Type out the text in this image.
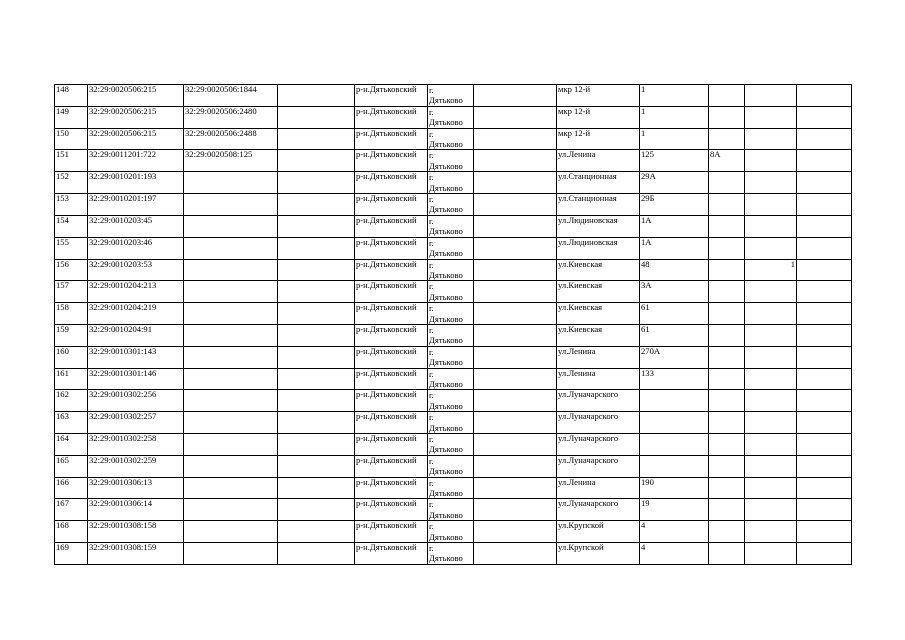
148	32:29:0020506:215	32:29:0020506:1844		р-н.Дятьковский	г.
Дятьково		мкр 12-й	1			
149	32:29:0020506:215	32:29:0020506:2480		р-н.Дятьковский	г.
Дятьково		мкр 12-й	1			
150	32:29:0020506:215	32:29:0020506:2488		р-н.Дятьковский	г.
Дятьково		мкр 12-й	1			
151	32:29:0011201:722	32:29:0020508:125		р-н.Дятьковский	г.
Дятьково		ул.Ленина	125	8А		
152	32:29:0010201:193			р-н.Дятьковский	г.
Дятьково		ул.Станционная	29А			
153	32:29:0010201:197			р-н.Дятьковский	г.
Дятьково		ул.Станционная	29Б			
154	32:29:0010203:45			р-н.Дятьковский	г.
Дятьково		ул.Людиновская	1А			
155	32:29:0010203:46			р-н.Дятьковский	г.
Дятьково		ул.Людиновская	1А			
156	32:29:0010203:53			р-н.Дятьковский	г.
Дятьково		ул.Киевская	48		1	
157	32:29:0010204:213			р-н.Дятьковский	г.
Дятьково		ул.Киевская	3А			
158	32:29:0010204:219			р-н.Дятьковский	г.
Дятьково		ул.Киевская	61			
159	32:29:0010204:91			р-н.Дятьковский	г.
Дятьково		ул.Киевская	61			
160	32:29:0010301:143			р-н.Дятьковский	г.
Дятьково		ул.Ленина	270А			
161	32:29:0010301:146			р-н.Дятьковский	г.
Дятьково		ул.Ленина	133			
162	32:29:0010302:256			р-н.Дятьковский	г.
Дятьково		ул.Луначарского				
163	32:29:0010302:257			р-н.Дятьковский	г.
Дятьково		ул.Луначарского				
164	32:29:0010302:258			р-н.Дятьковский	г.
Дятьково		ул.Луначарского				
165	32:29:0010302:259			р-н.Дятьковский	г.
Дятьково		ул.Луначарского				
166	32:29:0010306:13			р-н.Дятьковский	г.
Дятьково		ул.Ленина	190			
167	32:29:0010306:14			р-н.Дятьковский	г.
Дятьково		ул.Луначарского	19			
168	32:29:0010308:158			р-н.Дятьковский	г.
Дятьково		ул.Крупской	4			
169	32:29:0010308:159			р-н.Дятьковский	г.
Дятьково		ул.Крупской	4			
